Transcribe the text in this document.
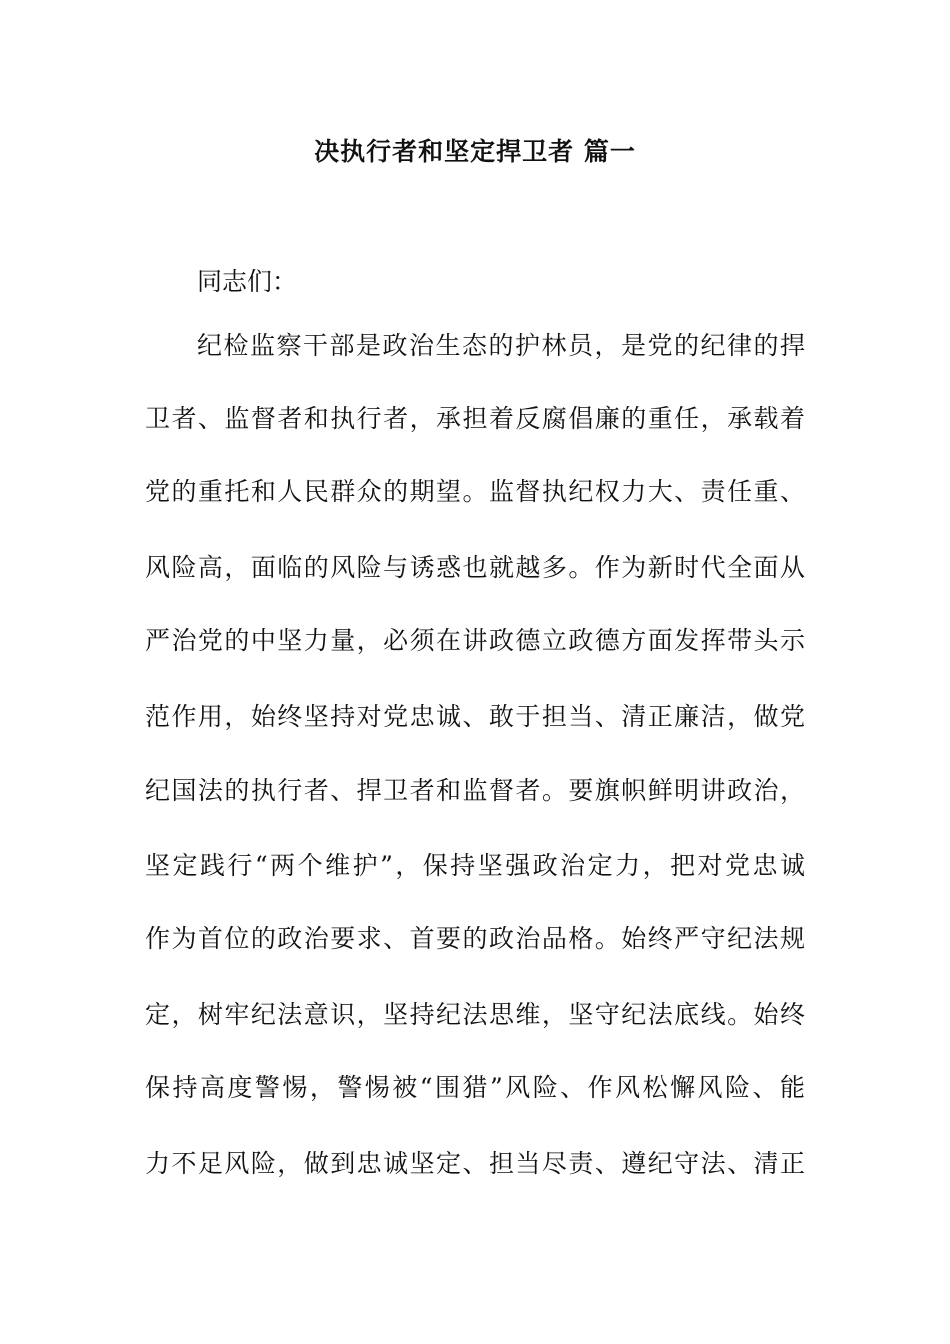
决执行者和坚定捍卫者 篇一
同志们：
纪检监察干部是政治生态的护林员，是党的纪律的捍
卫者、监督者和执行者，承担着反腐倡廉的重任，承载着
党的重托和人民群众的期望。监督执纪权力大、责任重、
风险高，面临的风险与诱惑也就越多。作为新时代全面从
严治党的中坚力量，必须在讲政德立政德方面发挥带头示
范作用，始终坚持对党忠诚、敢于担当、清正廉洁，做党
纪国法的执行者、捍卫者和监督者。要旗帜鲜明讲政治，
坚定践行“两个维护”，保持坚强政治定力，把对党忠诚
作为首位的政治要求、首要的政治品格。始终严守纪法规
定，树牢纪法意识，坚持纪法思维，坚守纪法底线。始终
保持高度警惕，警惕被“围猎”风险、作风松懈风险、能
力不足风险，做到忠诚坚定、担当尽责、遵纪守法、清正
